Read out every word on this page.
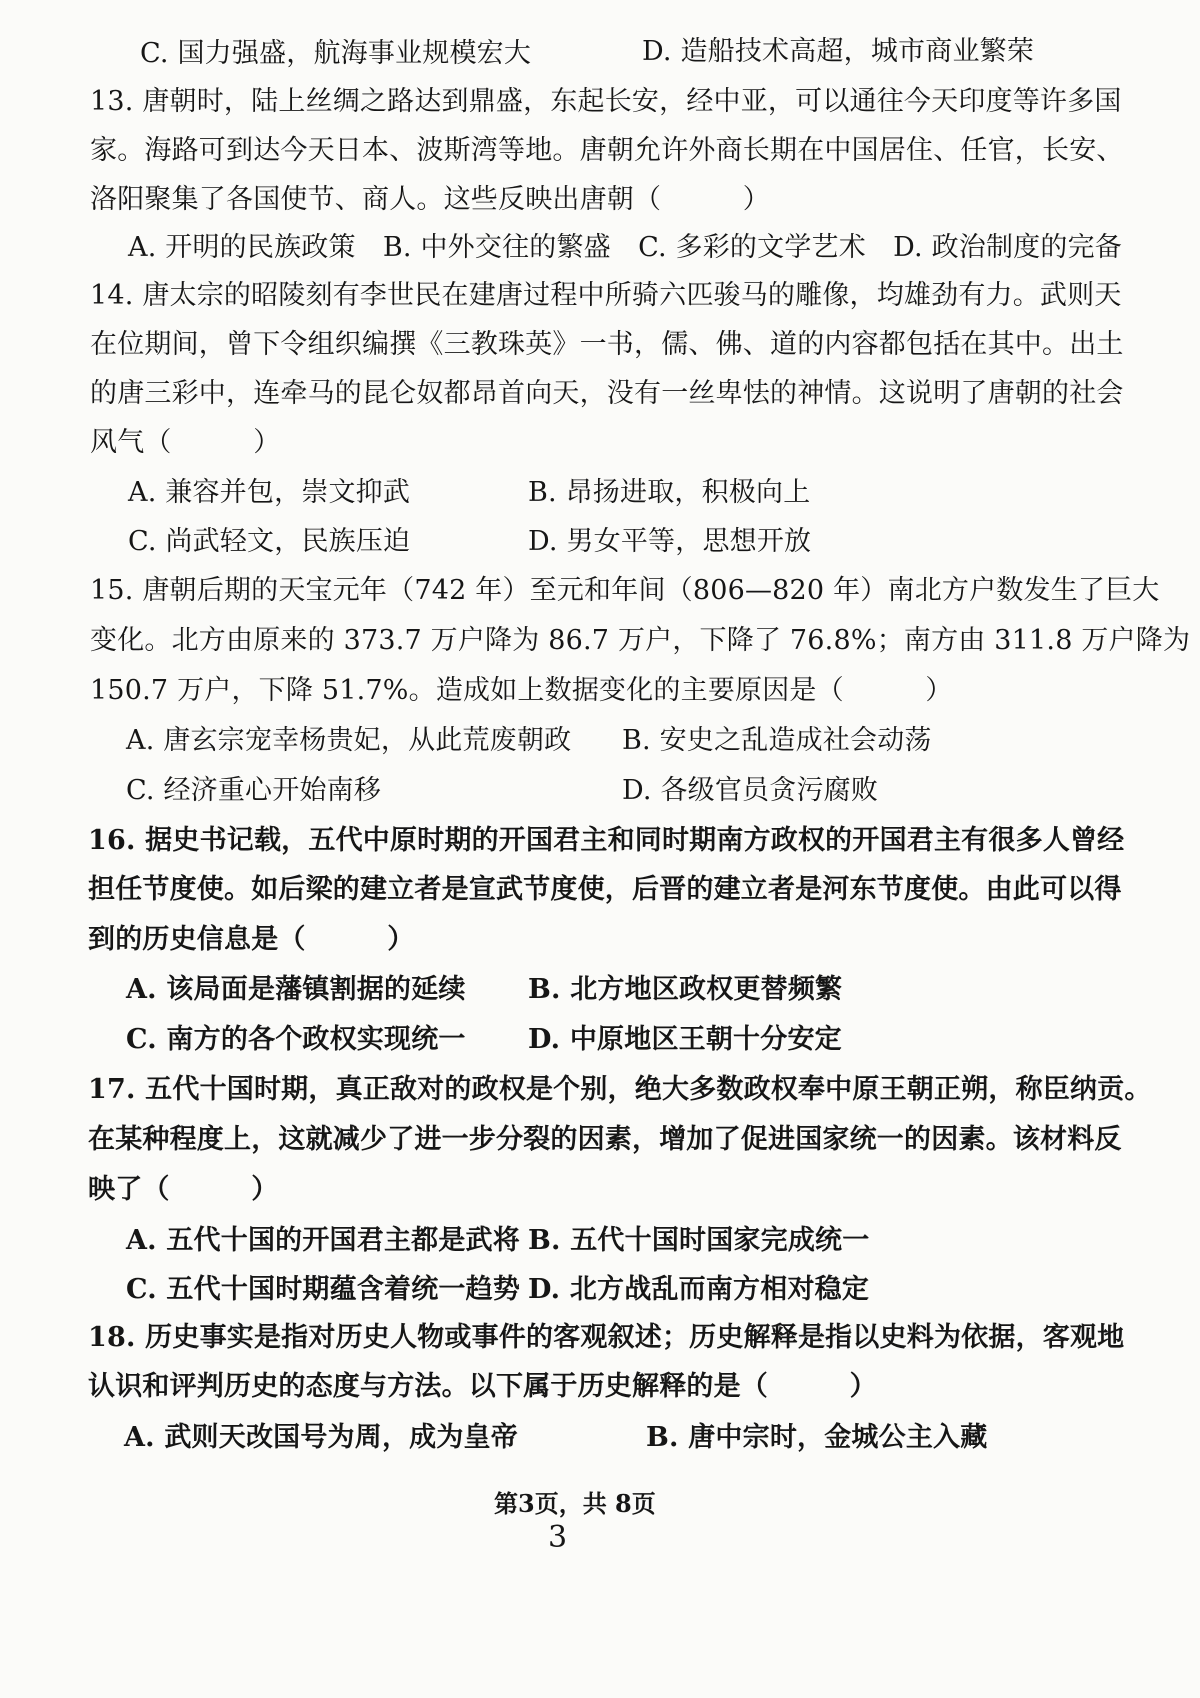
C. 国力强盛，航海事业规模宏大	D. 造船技术高超，城市商业繁荣
13. 唐朝时，陆上丝绸之路达到鼎盛，东起长安，经中亚，可以通往今天印度等许多国
家。海路可到达今天日本、波斯湾等地。唐朝允许外商长期在中国居住、任官，长安、
洛阳聚集了各国使节、商人。这些反映出唐朝（　　　）
A. 开明的民族政策　B. 中外交往的繁盛　C. 多彩的文学艺术　D. 政治制度的完备
14. 唐太宗的昭陵刻有李世民在建唐过程中所骑六匹骏马的雕像，均雄劲有力。武则天
在位期间，曾下令组织编撰《三教珠英》一书，儒、佛、道的内容都包括在其中。出土
的唐三彩中，连牵马的昆仑奴都昂首向天，没有一丝卑怯的神情。这说明了唐朝的社会
风气（　　　）
A. 兼容并包，崇文抑武	B. 昂扬进取，积极向上
C. 尚武轻文，民族压迫	D. 男女平等，思想开放
15. 唐朝后期的天宝元年（742 年）至元和年间（806—820 年）南北方户数发生了巨大
变化。北方由原来的 373.7 万户降为 86.7 万户，下降了 76.8%；南方由 311.8 万户降为
150.7 万户，下降 51.7%。造成如上数据变化的主要原因是（　　　）
A. 唐玄宗宠幸杨贵妃，从此荒废朝政 B. 安史之乱造成社会动荡
C. 经济重心开始南移	D. 各级官员贪污腐败
16. 据史书记载，五代中原时期的开国君主和同时期南方政权的开国君主有很多人曾经
担任节度使。如后梁的建立者是宣武节度使，后晋的建立者是河东节度使。由此可以得
到的历史信息是（　　　）
A. 该局面是藩镇割据的延续 B. 北方地区政权更替频繁
C. 南方的各个政权实现统一 D. 中原地区王朝十分安定
17. 五代十国时期，真正敌对的政权是个别，绝大多数政权奉中原王朝正朔，称臣纳贡。
在某种程度上，这就减少了进一步分裂的因素，增加了促进国家统一的因素。该材料反
映了（　　　）
A. 五代十国的开国君主都是武将 B. 五代十国时国家完成统一
C. 五代十国时期蕴含着统一趋势 D. 北方战乱而南方相对稳定
18. 历史事实是指对历史人物或事件的客观叙述；历史解释是指以史料为依据，客观地
认识和评判历史的态度与方法。以下属于历史解释的是（　　　）
A. 武则天改国号为周，成为皇帝	B. 唐中宗时，金城公主入藏
第3页，共 8页
3
